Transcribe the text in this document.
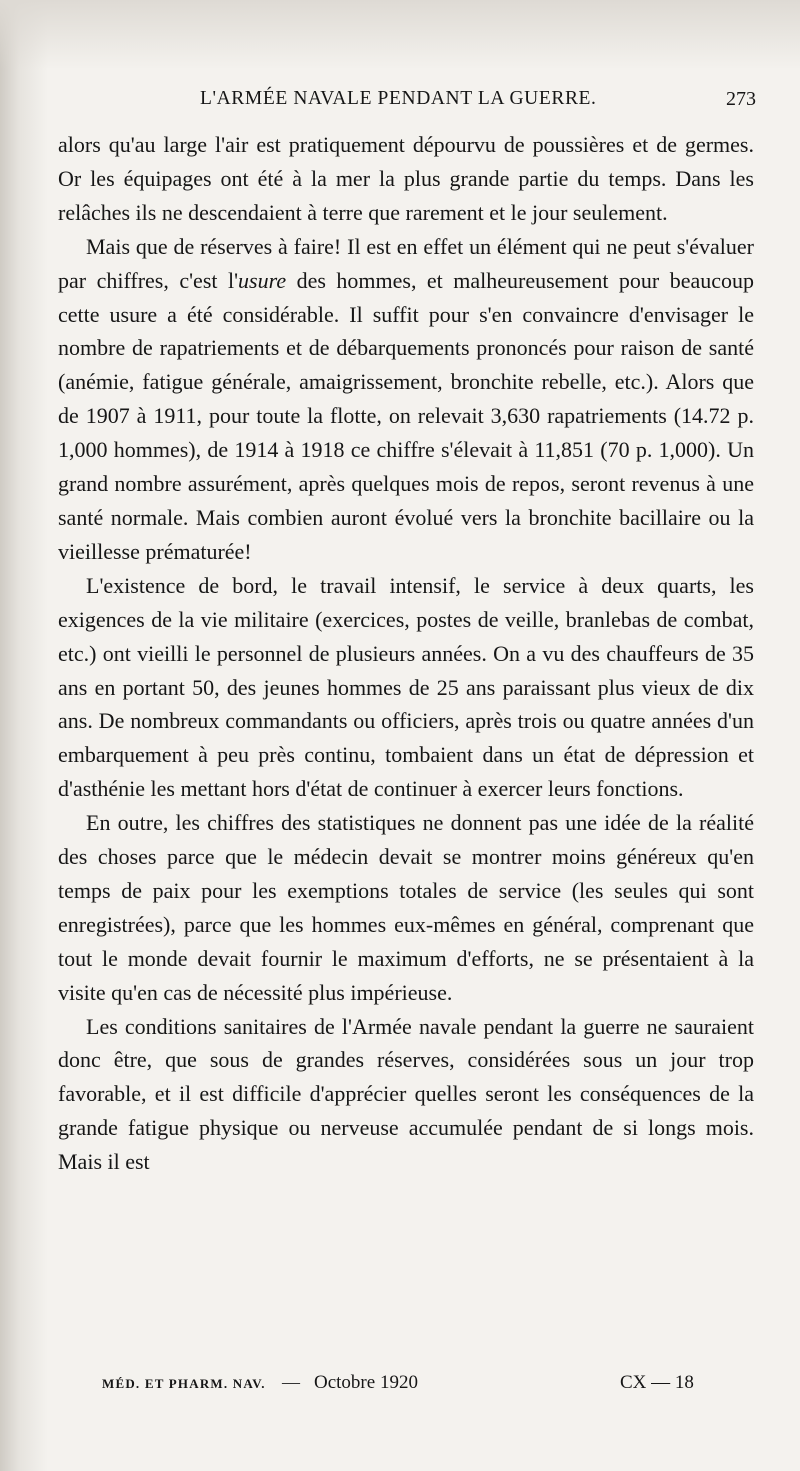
L'ARMÉE NAVALE PENDANT LA GUERRE.	273

alors qu'au large l'air est pratiquement dépourvu de poussières et de germes. Or les équipages ont été à la mer la plus grande partie du temps. Dans les relâches ils ne descendaient à terre que rarement et le jour seulement.

Mais que de réserves à faire! Il est en effet un élément qui ne peut s'évaluer par chiffres, c'est l'usure des hommes, et malheureusement pour beaucoup cette usure a été considérable. Il suffit pour s'en convaincre d'envisager le nombre de rapatriements et de débarquements prononcés pour raison de santé (anémie, fatigue générale, amaigrissement, bronchite rebelle, etc.). Alors que de 1907 à 1911, pour toute la flotte, on relevait 3,630 rapatriements (14.72 p. 1,000 hommes), de 1914 à 1918 ce chiffre s'élevait à 11,851 (70 p. 1,000). Un grand nombre assurément, après quelques mois de repos, seront revenus à une santé normale. Mais combien auront évolué vers la bronchite bacillaire ou la vieillesse prématurée!

L'existence de bord, le travail intensif, le service à deux quarts, les exigences de la vie militaire (exercices, postes de veille, branlebas de combat, etc.) ont vieilli le personnel de plusieurs années. On a vu des chauffeurs de 35 ans en portant 50, des jeunes hommes de 25 ans paraissant plus vieux de dix ans. De nombreux commandants ou officiers, après trois ou quatre années d'un embarquement à peu près continu, tombaient dans un état de dépression et d'asthénie les mettant hors d'état de continuer à exercer leurs fonctions.

En outre, les chiffres des statistiques ne donnent pas une idée de la réalité des choses parce que le médecin devait se montrer moins généreux qu'en temps de paix pour les exemptions totales de service (les seules qui sont enregistrées), parce que les hommes eux-mêmes en général, comprenant que tout le monde devait fournir le maximum d'efforts, ne se présentaient à la visite qu'en cas de nécessité plus impérieuse.

Les conditions sanitaires de l'Armée navale pendant la guerre ne sauraient donc être, que sous de grandes réserves, considérées sous un jour trop favorable, et il est difficile d'apprécier quelles seront les conséquences de la grande fatigue physique ou nerveuse accumulée pendant de si longs mois. Mais il est

MÉD. ET PHARM. NAV. — Octobre 1920	CX — 18
